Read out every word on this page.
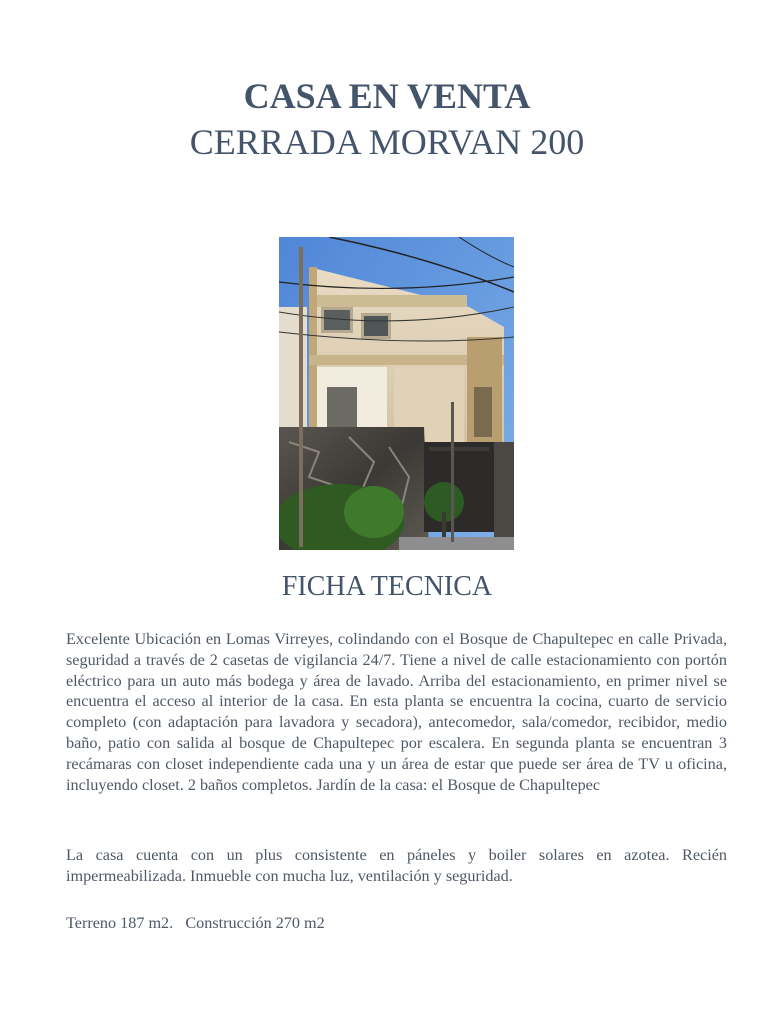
CASA EN VENTA
CERRADA MORVAN 200
FICHA TECNICA

Excelente Ubicación en Lomas Virreyes, colindando con el Bosque de Chapultepec en calle Privada, seguridad a través de 2 casetas de vigilancia 24/7. Tiene a nivel de calle estacionamiento con portón eléctrico para un auto más bodega y área de lavado. Arriba del estacionamiento, en primer nivel se encuentra el acceso al interior de la casa. En esta planta se encuentra la cocina, cuarto de servicio completo (con adaptación para lavadora y secadora), antecomedor, sala/comedor, recibidor, medio baño, patio con salida al bosque de Chapultepec por escalera. En segunda planta se encuentran 3 recámaras con closet independiente cada una y un área de estar que puede ser área de TV u oficina, incluyendo closet. 2 baños completos. Jardín de la casa: el Bosque de Chapultepec

La casa cuenta con un plus consistente en páneles y boiler solares en azotea. Recién impermeabilizada. Inmueble con mucha luz, ventilación y seguridad.

Terreno 187 m2.   Construcción 270 m2
